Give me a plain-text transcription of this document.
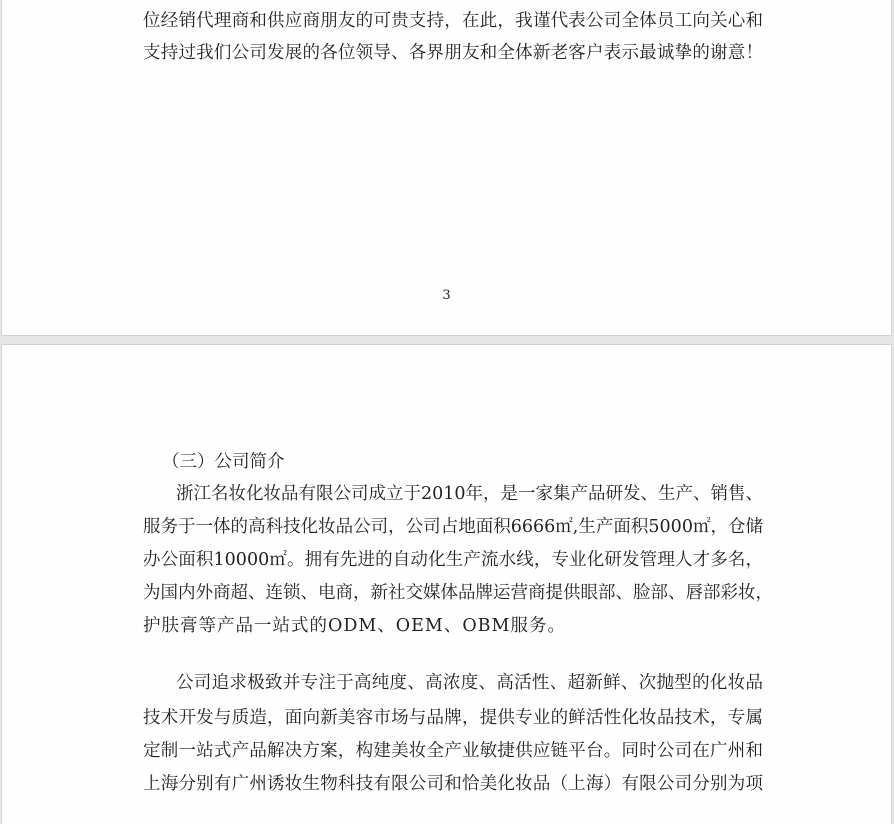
位经销代理商和供应商朋友的可贵支持，在此，我谨代表公司全体员工向关心和
支持过我们公司发展的各位领导、各界朋友和全体新老客户表示最诚挚的谢意！
3
（三）公司简介
浙江名妆化妆品有限公司成立于2010年，是一家集产品研发、生产、销售、
服务于一体的高科技化妆品公司，公司占地面积6666㎡,生产面积5000㎡，仓储
办公面积10000㎡。拥有先进的自动化生产流水线，专业化研发管理人才多名，
为国内外商超、连锁、电商，新社交媒体品牌运营商提供眼部、脸部、唇部彩妆，
护肤膏等产品一站式的ODM、OEM、OBM服务。
公司追求极致并专注于高纯度、高浓度、高活性、超新鲜、次抛型的化妆品
技术开发与质造，面向新美容市场与品牌，提供专业的鲜活性化妆品技术，专属
定制一站式产品解决方案，构建美妆全产业敏捷供应链平台。同时公司在广州和
上海分别有广州诱妆生物科技有限公司和恰美化妆品（上海）有限公司分别为项
